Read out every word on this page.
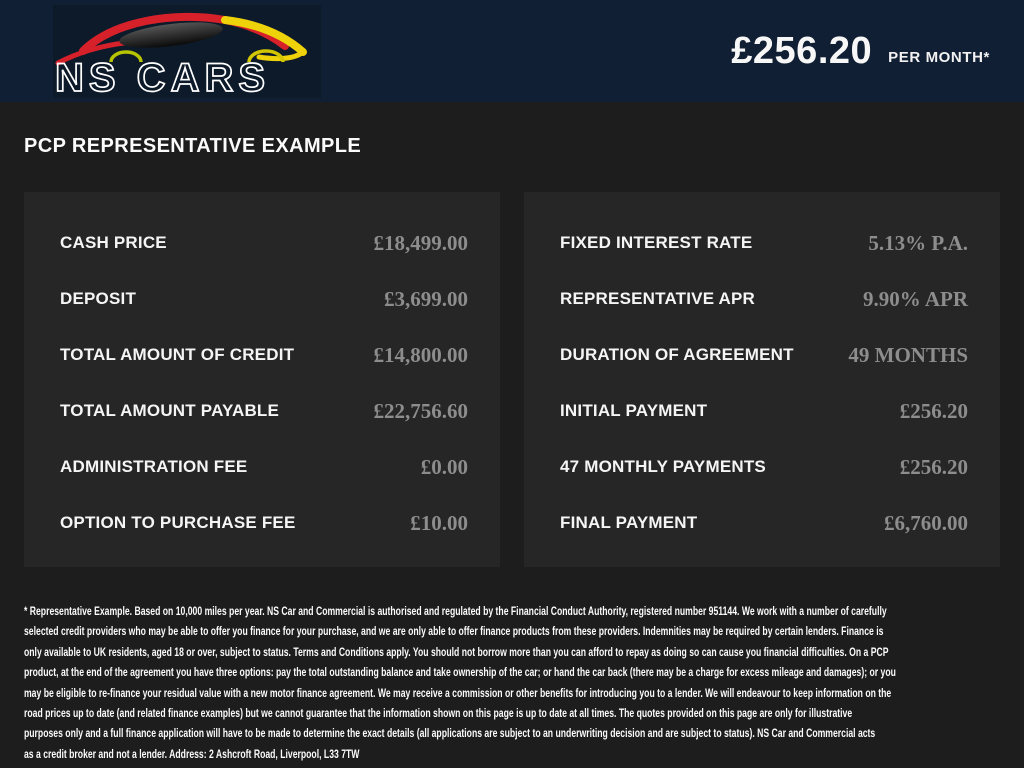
NS CARS
£256.20 PER MONTH*
PCP REPRESENTATIVE EXAMPLE
CASH PRICE	£18,499.00
DEPOSIT	£3,699.00
TOTAL AMOUNT OF CREDIT	£14,800.00
TOTAL AMOUNT PAYABLE	£22,756.60
ADMINISTRATION FEE	£0.00
OPTION TO PURCHASE FEE	£10.00
FIXED INTEREST RATE	5.13% P.A.
REPRESENTATIVE APR	9.90% APR
DURATION OF AGREEMENT	49 MONTHS
INITIAL PAYMENT	£256.20
47 MONTHLY PAYMENTS	£256.20
FINAL PAYMENT	£6,760.00
* Representative Example. Based on 10,000 miles per year. NS Car and Commercial is authorised and regulated by the Financial Conduct Authority, registered number 951144. We work with a number of carefully
selected credit providers who may be able to offer you finance for your purchase, and we are only able to offer finance products from these providers. Indemnities may be required by certain lenders. Finance is
only available to UK residents, aged 18 or over, subject to status. Terms and Conditions apply. You should not borrow more than you can afford to repay as doing so can cause you financial difficulties. On a PCP
product, at the end of the agreement you have three options: pay the total outstanding balance and take ownership of the car; or hand the car back (there may be a charge for excess mileage and damages); or you
may be eligible to re-finance your residual value with a new motor finance agreement. We may receive a commission or other benefits for introducing you to a lender. We will endeavour to keep information on the
road prices up to date (and related finance examples) but we cannot guarantee that the information shown on this page is up to date at all times. The quotes provided on this page are only for illustrative
purposes only and a full finance application will have to be made to determine the exact details (all applications are subject to an underwriting decision and are subject to status). NS Car and Commercial acts
as a credit broker and not a lender. Address: 2 Ashcroft Road, Liverpool, L33 7TW
